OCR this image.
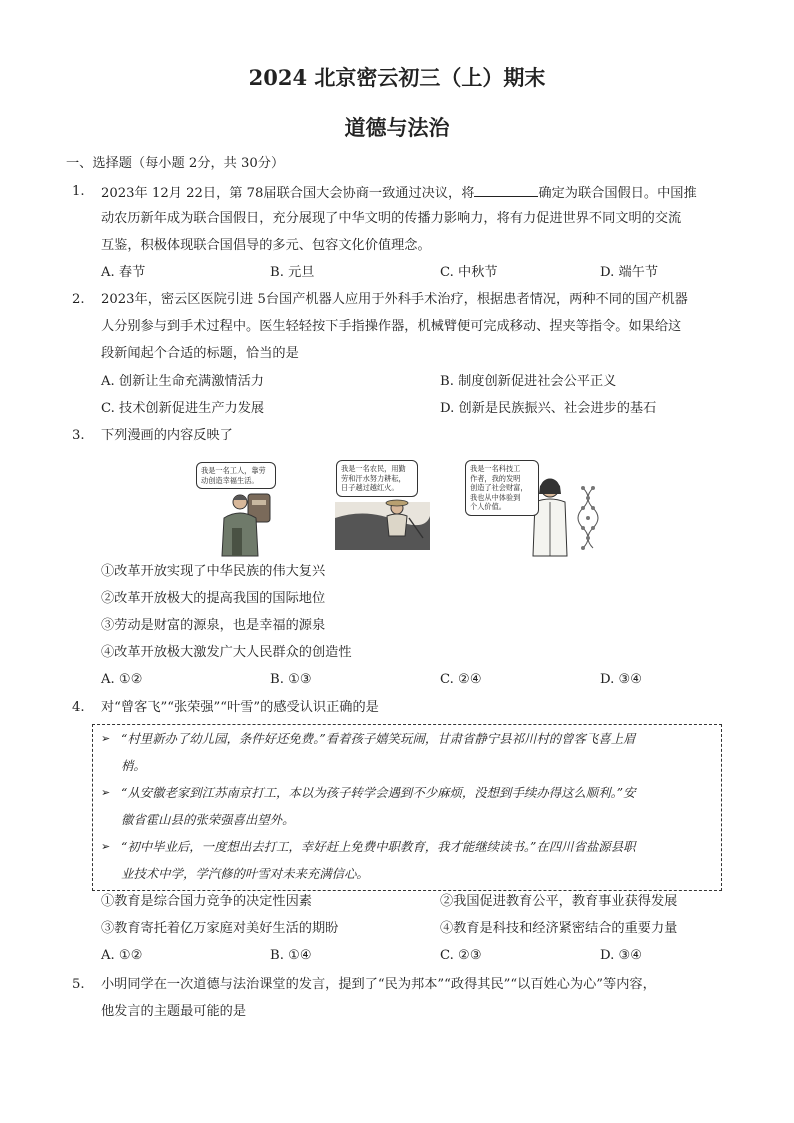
2024 北京密云初三（上）期末
道德与法治
一、选择题（每小题 2分，共 30分）
1. 2023年 12月 22日，第 78届联合国大会协商一致通过决议，将	确定为联合国假日。中国推
动农历新年成为联合国假日，充分展现了中华文明的传播力影响力，将有力促进世界不同文明的交流
互鉴，积极体现联合国倡导的多元、包容文化价值理念。
A. 春节	B. 元旦	C. 中秋节	D. 端午节
2. 2023年，密云区医院引进 5台国产机器人应用于外科手术治疗，根据患者情况，两种不同的国产机器
人分别参与到手术过程中。医生轻轻按下手指操作器，机械臂便可完成移动、捏夹等指令。如果给这
段新闻起个合适的标题，恰当的是
A. 创新让生命充满激情活力	B. 制度创新促进社会公平正义
C. 技术创新促进生产力发展	D. 创新是民族振兴、社会进步的基石
3. 下列漫画的内容反映了
我是一名工人，靠劳
动创造幸福生活。
我是一名农民，用勤
劳和汗水努力耕耘，
日子越过越红火。
我是一名科技工
作者，我的发明
创造了社会财富，
我也从中体验到
个人价值。
①改革开放实现了中华民族的伟大复兴
②改革开放极大的提高我国的国际地位
③劳动是财富的源泉，也是幸福的源泉
④改革开放极大激发广大人民群众的创造性
A. ①②	B. ①③	C. ②④	D. ③④
4. 对“曾客飞”“张荣强”“叶雪”的感受认识正确的是
➢ “村里新办了幼儿园，条件好还免费。”看着孩子嬉笑玩闹，甘肃省静宁县祁川村的曾客飞喜上眉
梢。
➢ “从安徽老家到江苏南京打工，本以为孩子转学会遇到不少麻烦，没想到手续办得这么顺利。”安
徽省霍山县的张荣强喜出望外。
➢ “初中毕业后，一度想出去打工，幸好赶上免费中职教育，我才能继续读书。”在四川省盐源县职
业技术中学，学汽修的叶雪对未来充满信心。
①教育是综合国力竞争的决定性因素	②我国促进教育公平，教育事业获得发展
③教育寄托着亿万家庭对美好生活的期盼	④教育是科技和经济紧密结合的重要力量
A. ①②	B. ①④	C. ②③	D. ③④
5. 小明同学在一次道德与法治课堂的发言，提到了“民为邦本”“政得其民”“以百姓心为心”等内容，
他发言的主题最可能的是
